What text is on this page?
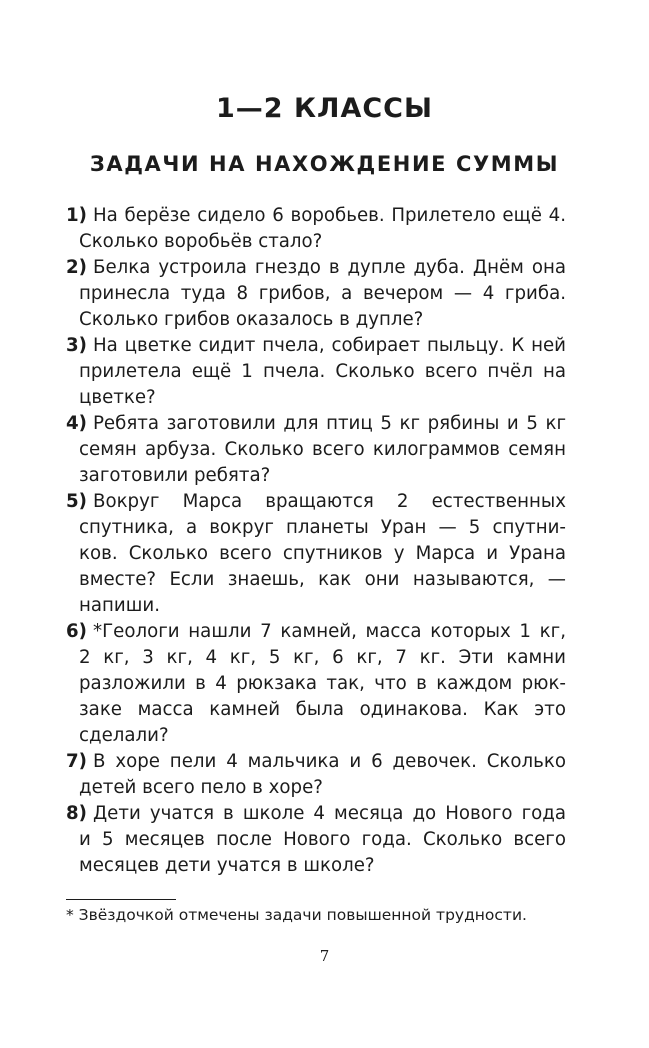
1—2 КЛАССЫ
ЗАДАЧИ НА НАХОЖДЕНИЕ СУММЫ
1) На берёзе сидело 6 воробьев. Прилетело ещё 4.
Сколько воробьёв стало?
2) Белка устроила гнездо в дупле дуба. Днём она
принесла туда 8 грибов, а вечером — 4 гриба.
Сколько грибов оказалось в дупле?
3) На цветке сидит пчела, собирает пыльцу. К ней
прилетела ещё 1 пчела. Сколько всего пчёл на
цветке?
4) Ребята заготовили для птиц 5 кг рябины и 5 кг
семян арбуза. Сколько всего килограммов семян
заготовили ребята?
5) Вокруг Марса вращаются 2 естественных
спутника, а вокруг планеты Уран — 5 спутни-
ков. Сколько всего спутников у Марса и Урана
вместе? Если знаешь, как они называются, —
напиши.
6) *Геологи нашли 7 камней, масса которых 1 кг,
2 кг, 3 кг, 4 кг, 5 кг, 6 кг, 7 кг. Эти камни
разложили в 4 рюкзака так, что в каждом рюк-
заке масса камней была одинакова. Как это
сделали?
7) В хоре пели 4 мальчика и 6 девочек. Сколько
детей всего пело в хоре?
8) Дети учатся в школе 4 месяца до Нового года
и 5 месяцев после Нового года. Сколько всего
месяцев дети учатся в школе?
* Звёздочкой отмечены задачи повышенной трудности.
7
